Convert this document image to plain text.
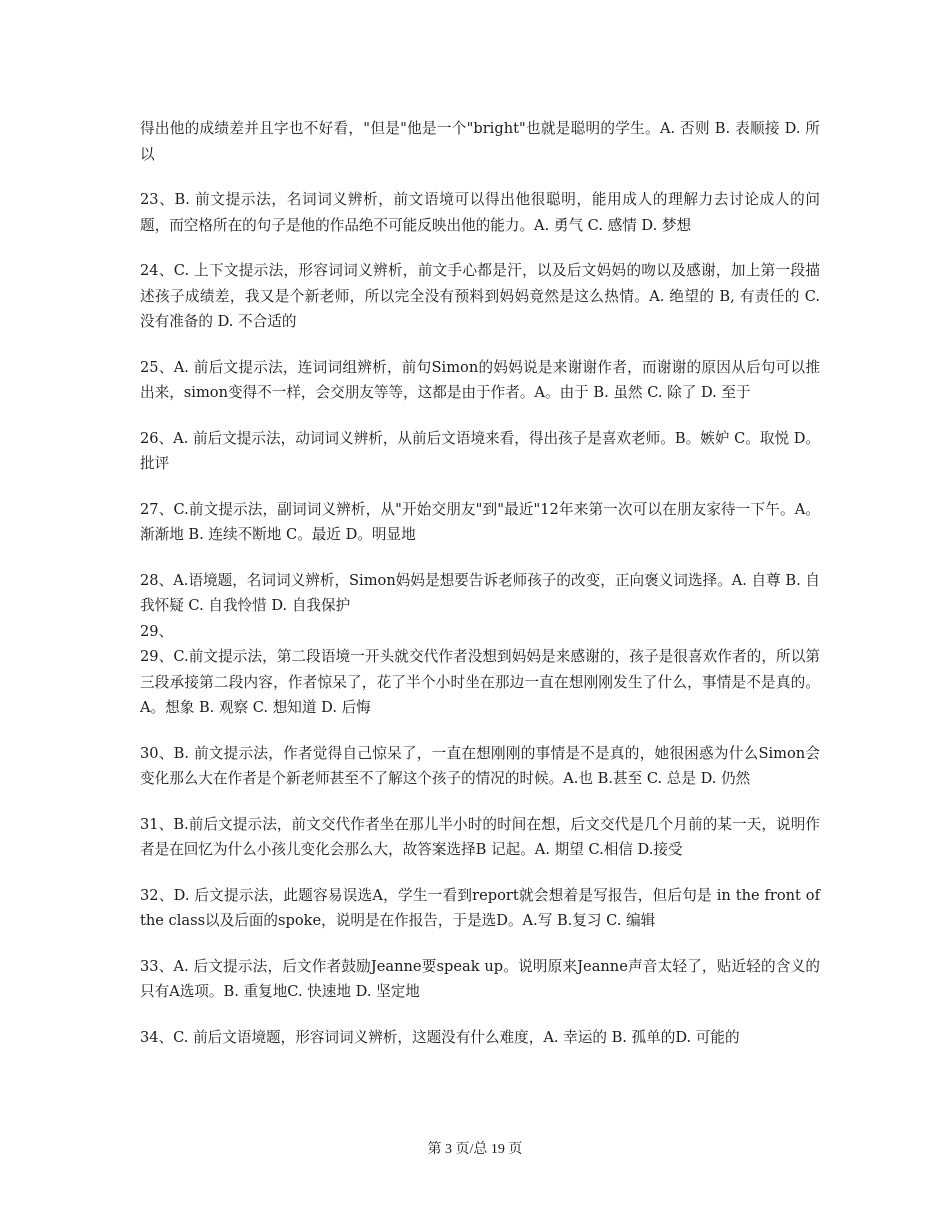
得出他的成绩差并且字也不好看，"但是"他是一个"bright"也就是聪明的学生。A. 否则 B. 表顺接 D. 所以

23、B. 前文提示法，名词词义辨析，前文语境可以得出他很聪明，能用成人的理解力去讨论成人的问题，而空格所在的句子是他的作品绝不可能反映出他的能力。A. 勇气 C. 感情 D. 梦想

24、C. 上下文提示法，形容词词义辨析，前文手心都是汗，以及后文妈妈的吻以及感谢，加上第一段描述孩子成绩差，我又是个新老师，所以完全没有预料到妈妈竟然是这么热情。A. 绝望的 B, 有责任的 C. 没有准备的 D. 不合适的

25、A. 前后文提示法，连词词组辨析，前句Simon的妈妈说是来谢谢作者，而谢谢的原因从后句可以推出来，simon变得不一样，会交朋友等等，这都是由于作者。A。由于 B. 虽然 C. 除了 D. 至于

26、A. 前后文提示法，动词词义辨析，从前后文语境来看，得出孩子是喜欢老师。B。嫉妒 C。取悦 D。批评

27、C.前文提示法，副词词义辨析，从"开始交朋友"到"最近"12年来第一次可以在朋友家待一下午。A。渐渐地 B. 连续不断地 C。最近 D。明显地

28、A.语境题，名词词义辨析，Simon妈妈是想要告诉老师孩子的改变，正向褒义词选择。A. 自尊 B. 自我怀疑 C. 自我怜惜 D. 自我保护

29、

29、C.前文提示法，第二段语境一开头就交代作者没想到妈妈是来感谢的，孩子是很喜欢作者的，所以第三段承接第二段内容，作者惊呆了，花了半个小时坐在那边一直在想刚刚发生了什么，事情是不是真的。A。想象 B. 观察 C. 想知道 D. 后悔

30、B. 前文提示法，作者觉得自己惊呆了，一直在想刚刚的事情是不是真的，她很困惑为什么Simon会变化那么大在作者是个新老师甚至不了解这个孩子的情况的时候。A.也 B.甚至 C. 总是 D. 仍然

31、B.前后文提示法，前文交代作者坐在那儿半小时的时间在想，后文交代是几个月前的某一天，说明作者是在回忆为什么小孩儿变化会那么大，故答案选择B 记起。A. 期望 C.相信 D.接受

32、D. 后文提示法，此题容易误选A，学生一看到report就会想着是写报告，但后句是 in the front of the class以及后面的spoke，说明是在作报告，于是选D。A.写 B.复习 C. 编辑

33、A. 后文提示法，后文作者鼓励Jeanne要speak up。说明原来Jeanne声音太轻了，贴近轻的含义的只有A选项。B. 重复地C. 快速地 D. 坚定地

34、C. 前后文语境题，形容词词义辨析，这题没有什么难度，A. 幸运的 B. 孤单的D. 可能的

第 3 页/总 19 页
